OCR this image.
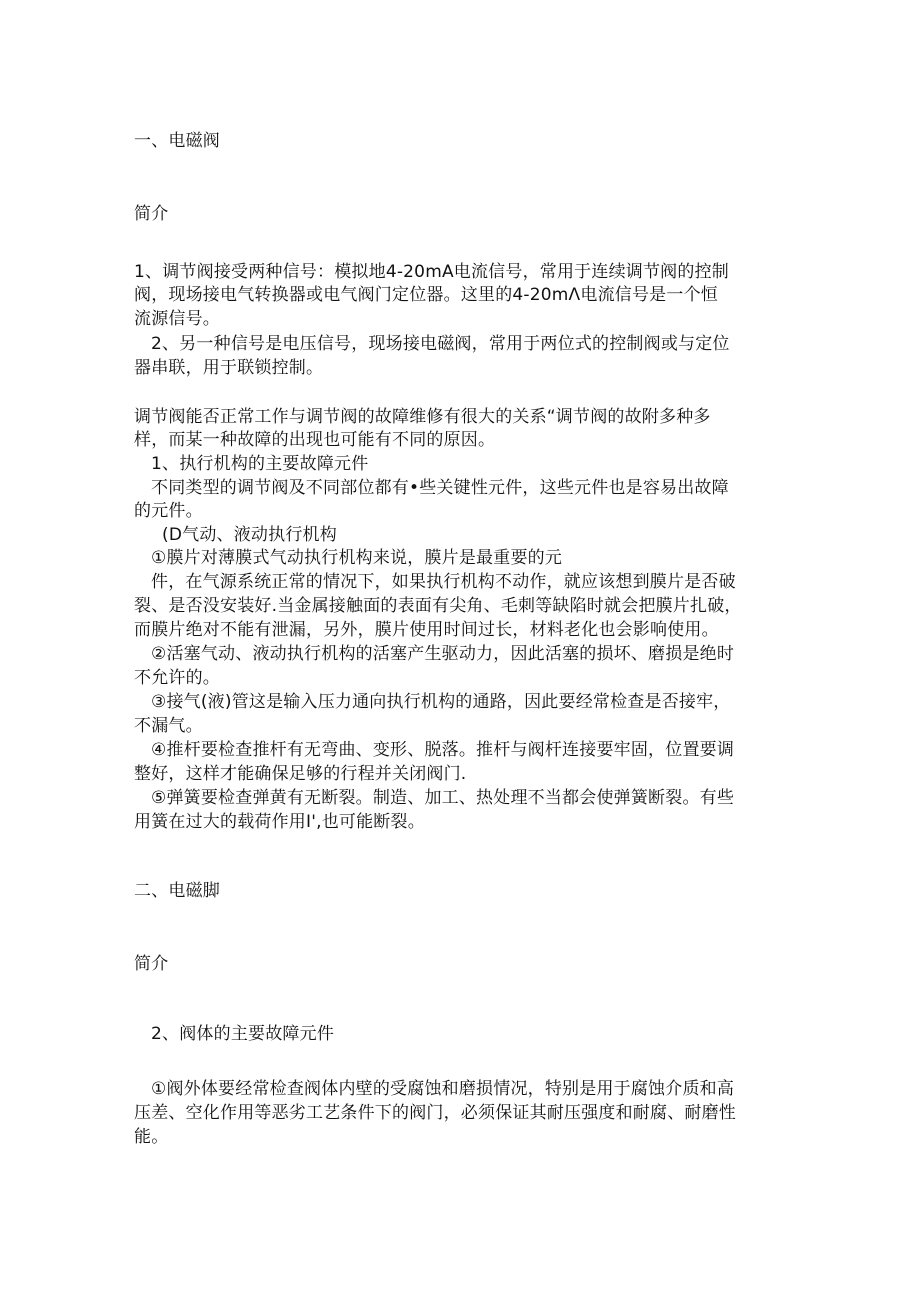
一、电磁阀
简介
1、调节阀接受两种信号：模拟地4-20mA电流信号，常用于连续调节阀的控制
阀，现场接电气转换器或电气阀门定位器。这里的4-20mΛ电流信号是一个恒
流源信号。
2、另一种信号是电压信号，现场接电磁阀，常用于两位式的控制阀或与定位
器串联，用于联锁控制。
调节阀能否正常工作与调节阀的故障维修有很大的关系“调节阀的故附多种多
样，而某一种故障的出现也可能有不同的原因。
1、执行机构的主要故障元件
不同类型的调节阀及不同部位都有•些关键性元件，这些元件也是容易出故障
的元件。
(D气动、液动执行机构
①膜片对薄膜式气动执行机构来说，膜片是最重要的元
件，在气源系统正常的情况下，如果执行机构不动作，就应该想到膜片是否破
裂、是否没安装好.当金属接触面的表面有尖角、毛刺等缺陷时就会把膜片扎破，
而膜片绝对不能有泄漏，另外，膜片使用时间过长，材料老化也会影响使用。
②活塞气动、液动执行机构的活塞产生驱动力，因此活塞的损坏、磨损是绝时
不允许的。
③接气(液)管这是输入压力通向执行机构的通路，因此要经常检查是否接牢，
不漏气。
④推杆要检查推杆有无弯曲、变形、脱落。推杆与阀杆连接要牢固，位置要调
整好，这样才能确保足够的行程并关闭阀门.
⑤弹簧要检查弹黄有无断裂。制造、加工、热处理不当都会使弹簧断裂。有些
用簧在过大的载荷作用I',也可能断裂。
二、电磁脚
简介
2、阀体的主要故障元件
①阀外体要经常检查阀体内壁的受腐蚀和磨损情况，特别是用于腐蚀介质和高
压差、空化作用等恶劣工艺条件下的阀门，必须保证其耐压强度和耐腐、耐磨性
能。
